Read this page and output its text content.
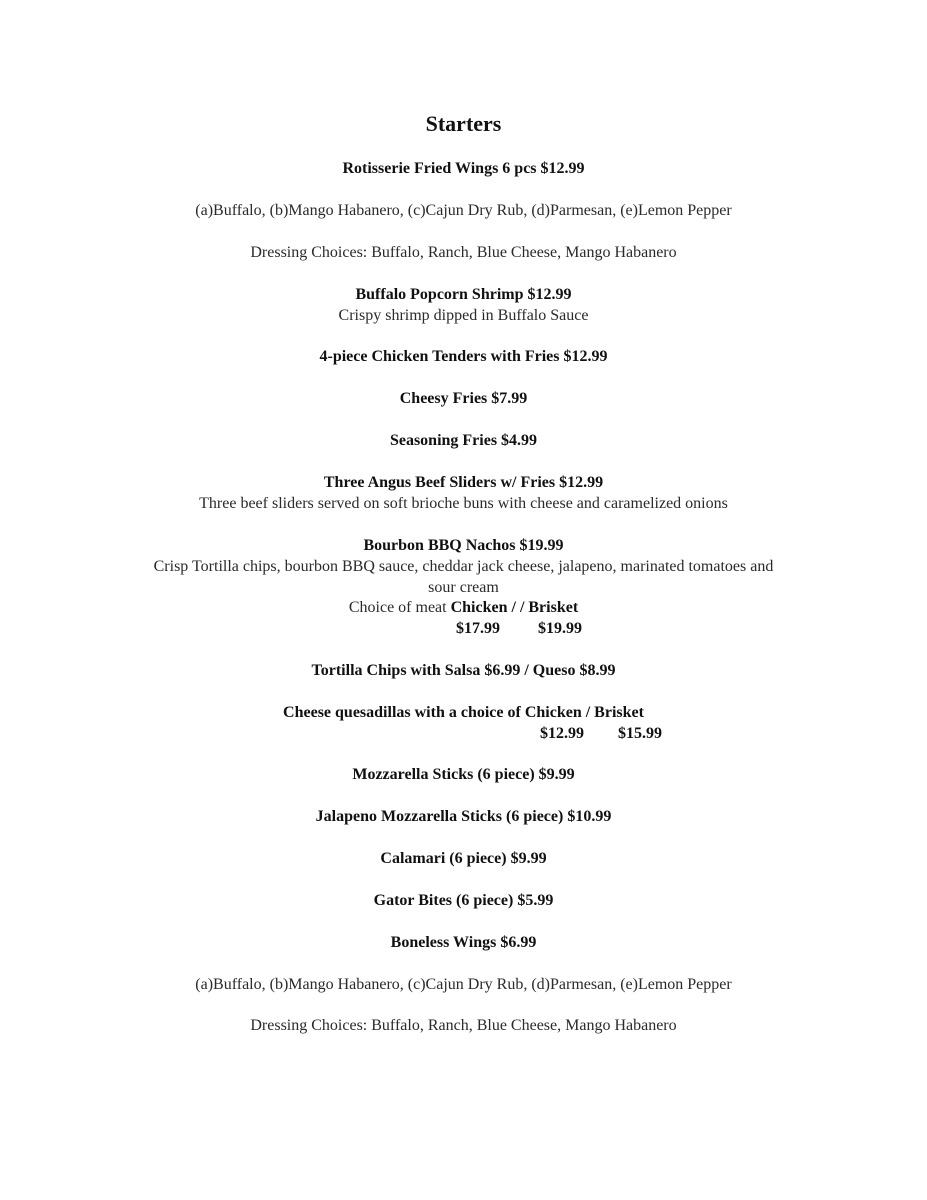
Starters
Rotisserie Fried Wings 6 pcs $12.99
(a)Buffalo, (b)Mango Habanero, (c)Cajun Dry Rub, (d)Parmesan, (e)Lemon Pepper
Dressing Choices: Buffalo, Ranch, Blue Cheese, Mango Habanero
Buffalo Popcorn Shrimp $12.99
Crispy shrimp dipped in Buffalo Sauce
4-piece Chicken Tenders with Fries $12.99
Cheesy Fries $7.99
Seasoning Fries $4.99
Three Angus Beef Sliders w/ Fries $12.99
Three beef sliders served on soft brioche buns with cheese and caramelized onions
Bourbon BBQ Nachos $19.99
Crisp Tortilla chips, bourbon BBQ sauce, cheddar jack cheese, jalapeno, marinated tomatoes and
sour cream
Choice of meat Chicken / / Brisket
$17.99 $19.99
Tortilla Chips with Salsa $6.99 / Queso $8.99
Cheese quesadillas with a choice of Chicken / Brisket
$12.99 $15.99
Mozzarella Sticks (6 piece) $9.99
Jalapeno Mozzarella Sticks (6 piece) $10.99
Calamari (6 piece) $9.99
Gator Bites (6 piece) $5.99
Boneless Wings $6.99
(a)Buffalo, (b)Mango Habanero, (c)Cajun Dry Rub, (d)Parmesan, (e)Lemon Pepper
Dressing Choices: Buffalo, Ranch, Blue Cheese, Mango Habanero
